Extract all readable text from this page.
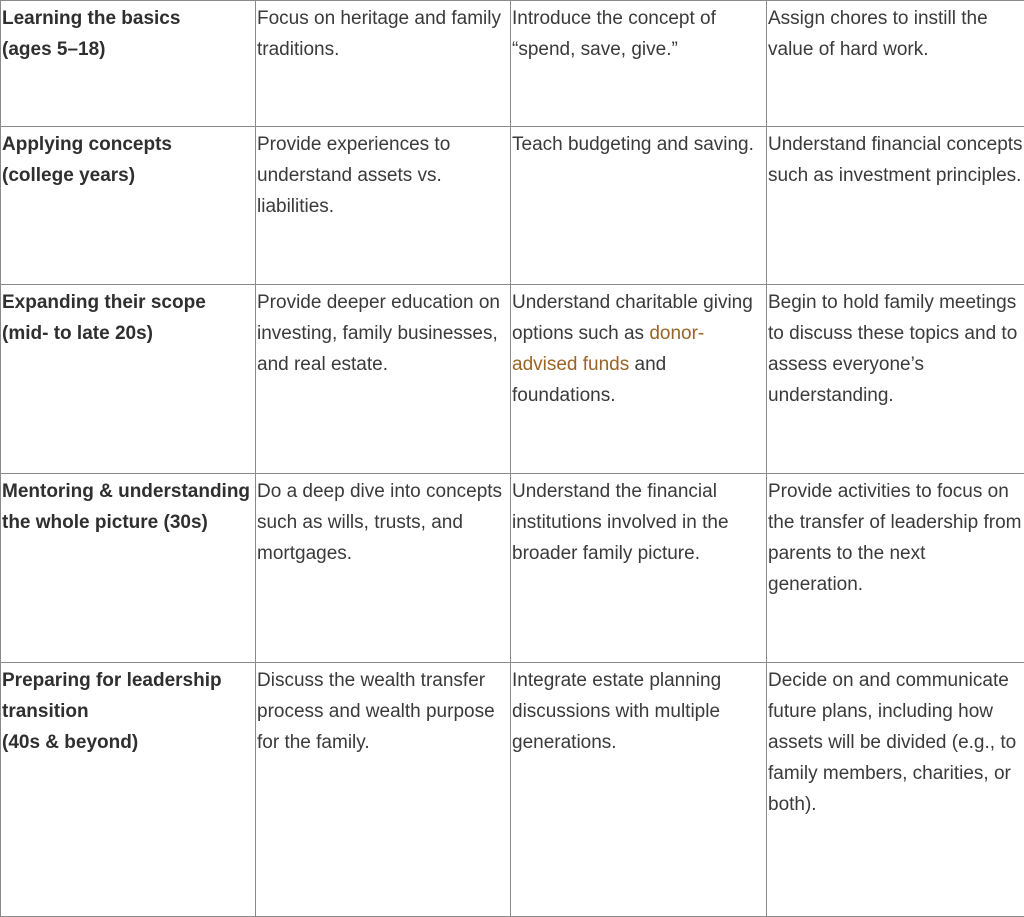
Learning the basics
(ages 5–18)	Focus on heritage and family traditions.	Introduce the concept of “spend, save, give.”	Assign chores to instill the value of hard work.

Applying concepts
(college years)	Provide experiences to understand assets vs. liabilities.	Teach budgeting and saving.	Understand financial concepts such as investment principles.

Expanding their scope
(mid- to late 20s)	Provide deeper education on investing, family businesses, and real estate.	Understand charitable giving options such as donor-advised funds and foundations.	Begin to hold family meetings to discuss these topics and to assess everyone’s understanding.

Mentoring & understanding the whole picture (30s)	Do a deep dive into concepts such as wills, trusts, and mortgages.	Understand the financial institutions involved in the broader family picture.	Provide activities to focus on the transfer of leadership from parents to the next generation.

Preparing for leadership transition
(40s & beyond)	Discuss the wealth transfer process and wealth purpose for the family.	Integrate estate planning discussions with multiple generations.	Decide on and communicate future plans, including how assets will be divided (e.g., to family members, charities, or both).
